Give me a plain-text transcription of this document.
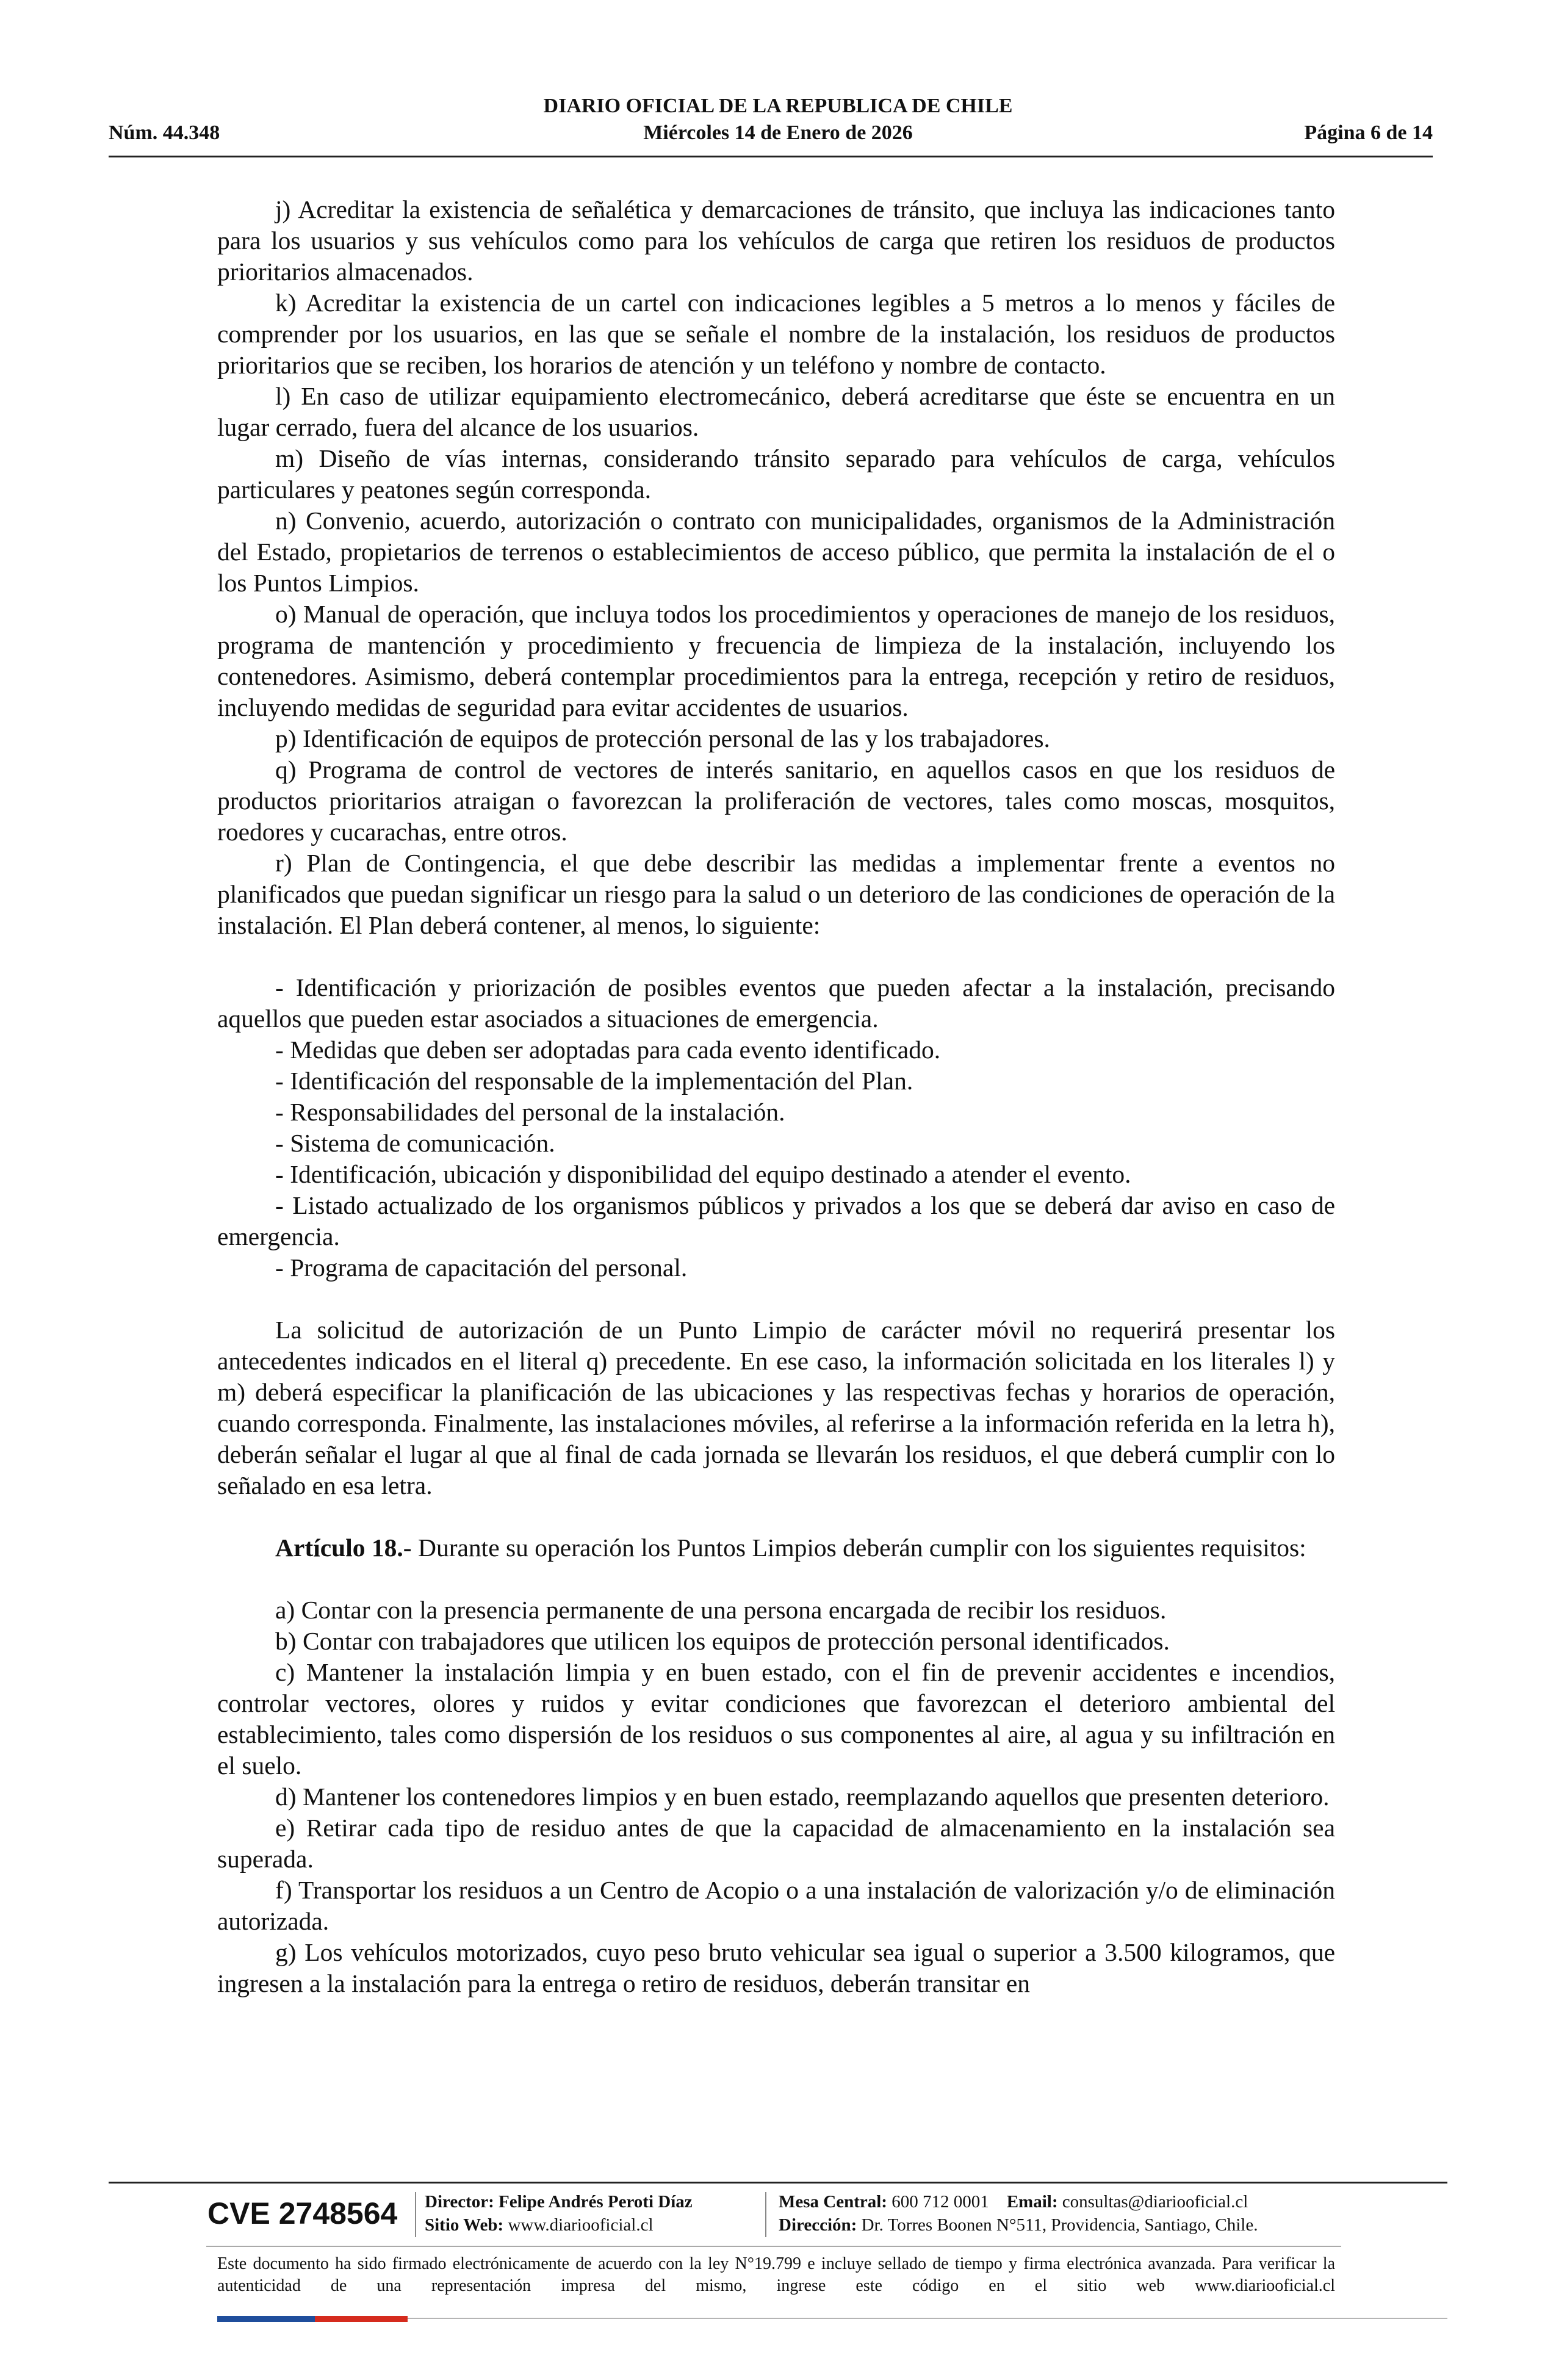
DIARIO OFICIAL DE LA REPUBLICA DE CHILE
Núm. 44.348	Miércoles 14 de Enero de 2026	Página 6 de 14

j) Acreditar la existencia de señalética y demarcaciones de tránsito, que incluya las indicaciones tanto para los usuarios y sus vehículos como para los vehículos de carga que retiren los residuos de productos prioritarios almacenados.

k) Acreditar la existencia de un cartel con indicaciones legibles a 5 metros a lo menos y fáciles de comprender por los usuarios, en las que se señale el nombre de la instalación, los residuos de productos prioritarios que se reciben, los horarios de atención y un teléfono y nombre de contacto.

l) En caso de utilizar equipamiento electromecánico, deberá acreditarse que éste se encuentra en un lugar cerrado, fuera del alcance de los usuarios.

m) Diseño de vías internas, considerando tránsito separado para vehículos de carga, vehículos particulares y peatones según corresponda.

n) Convenio, acuerdo, autorización o contrato con municipalidades, organismos de la Administración del Estado, propietarios de terrenos o establecimientos de acceso público, que permita la instalación de el o los Puntos Limpios.

o) Manual de operación, que incluya todos los procedimientos y operaciones de manejo de los residuos, programa de mantención y procedimiento y frecuencia de limpieza de la instalación, incluyendo los contenedores. Asimismo, deberá contemplar procedimientos para la entrega, recepción y retiro de residuos, incluyendo medidas de seguridad para evitar accidentes de usuarios.

p) Identificación de equipos de protección personal de las y los trabajadores.

q) Programa de control de vectores de interés sanitario, en aquellos casos en que los residuos de productos prioritarios atraigan o favorezcan la proliferación de vectores, tales como moscas, mosquitos, roedores y cucarachas, entre otros.

r) Plan de Contingencia, el que debe describir las medidas a implementar frente a eventos no planificados que puedan significar un riesgo para la salud o un deterioro de las condiciones de operación de la instalación. El Plan deberá contener, al menos, lo siguiente:

- Identificación y priorización de posibles eventos que pueden afectar a la instalación, precisando aquellos que pueden estar asociados a situaciones de emergencia.

- Medidas que deben ser adoptadas para cada evento identificado.

- Identificación del responsable de la implementación del Plan.

- Responsabilidades del personal de la instalación.

- Sistema de comunicación.

- Identificación, ubicación y disponibilidad del equipo destinado a atender el evento.

- Listado actualizado de los organismos públicos y privados a los que se deberá dar aviso en caso de emergencia.

- Programa de capacitación del personal.

La solicitud de autorización de un Punto Limpio de carácter móvil no requerirá presentar los antecedentes indicados en el literal q) precedente. En ese caso, la información solicitada en los literales l) y m) deberá especificar la planificación de las ubicaciones y las respectivas fechas y horarios de operación, cuando corresponda. Finalmente, las instalaciones móviles, al referirse a la información referida en la letra h), deberán señalar el lugar al que al final de cada jornada se llevarán los residuos, el que deberá cumplir con lo señalado en esa letra.

Artículo 18.- Durante su operación los Puntos Limpios deberán cumplir con los siguientes requisitos:

a) Contar con la presencia permanente de una persona encargada de recibir los residuos.

b) Contar con trabajadores que utilicen los equipos de protección personal identificados.

c) Mantener la instalación limpia y en buen estado, con el fin de prevenir accidentes e incendios, controlar vectores, olores y ruidos y evitar condiciones que favorezcan el deterioro ambiental del establecimiento, tales como dispersión de los residuos o sus componentes al aire, al agua y su infiltración en el suelo.

d) Mantener los contenedores limpios y en buen estado, reemplazando aquellos que presenten deterioro.

e) Retirar cada tipo de residuo antes de que la capacidad de almacenamiento en la instalación sea superada.

f) Transportar los residuos a un Centro de Acopio o a una instalación de valorización y/o de eliminación autorizada.

g) Los vehículos motorizados, cuyo peso bruto vehicular sea igual o superior a 3.500 kilogramos, que ingresen a la instalación para la entrega o retiro de residuos, deberán transitar en

CVE 2748564 Director: Felipe Andrés Peroti Díaz
Sitio Web: www.diariooficial.cl
Mesa Central: 600 712 0001 Email: consultas@diariooficial.cl
Dirección: Dr. Torres Boonen N°511, Providencia, Santiago, Chile.
Este documento ha sido firmado electrónicamente de acuerdo con la ley N°19.799 e incluye sellado de tiempo y firma electrónica avanzada. Para verificar la autenticidad de una representación impresa del mismo, ingrese este código en el sitio web www.diariooficial.cl
